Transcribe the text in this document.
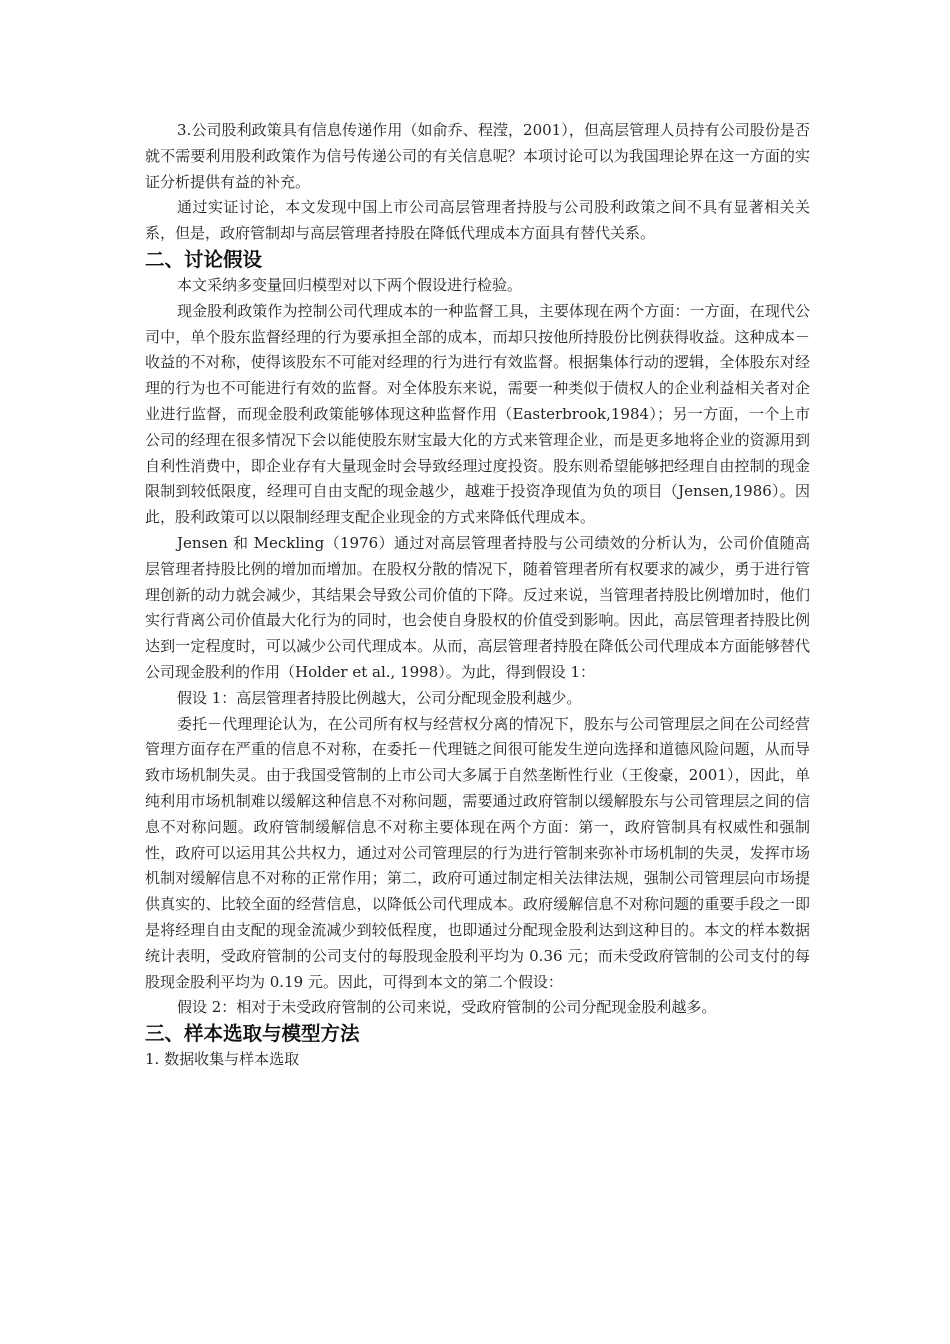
3.公司股利政策具有信息传递作用（如俞乔、程滢，2001），但高层管理人员持有公司股份是否就不需要利用股利政策作为信号传递公司的有关信息呢？本项讨论可以为我国理论界在这一方面的实证分析提供有益的补充。

通过实证讨论，本文发现中国上市公司高层管理者持股与公司股利政策之间不具有显著相关关系，但是，政府管制却与高层管理者持股在降低代理成本方面具有替代关系。

二、讨论假设

本文采纳多变量回归模型对以下两个假设进行检验。

现金股利政策作为控制公司代理成本的一种监督工具，主要体现在两个方面：一方面，在现代公司中，单个股东监督经理的行为要承担全部的成本，而却只按他所持股份比例获得收益。这种成本－收益的不对称，使得该股东不可能对经理的行为进行有效监督。根据集体行动的逻辑，全体股东对经理的行为也不可能进行有效的监督。对全体股东来说，需要一种类似于债权人的企业利益相关者对企业进行监督，而现金股利政策能够体现这种监督作用（Easterbrook,1984）；另一方面，一个上市公司的经理在很多情况下会以能使股东财宝最大化的方式来管理企业，而是更多地将企业的资源用到自利性消费中，即企业存有大量现金时会导致经理过度投资。股东则希望能够把经理自由控制的现金限制到较低限度，经理可自由支配的现金越少，越难于投资净现值为负的项目（Jensen,1986）。因此，股利政策可以以限制经理支配企业现金的方式来降低代理成本。

Jensen 和 Meckling（1976）通过对高层管理者持股与公司绩效的分析认为，公司价值随高层管理者持股比例的增加而增加。在股权分散的情况下，随着管理者所有权要求的减少，勇于进行管理创新的动力就会减少，其结果会导致公司价值的下降。反过来说，当管理者持股比例增加时，他们实行背离公司价值最大化行为的同时，也会使自身股权的价值受到影响。因此，高层管理者持股比例达到一定程度时，可以减少公司代理成本。从而，高层管理者持股在降低公司代理成本方面能够替代公司现金股利的作用（Holder et al., 1998）。为此，得到假设 1：

假设 1：高层管理者持股比例越大，公司分配现金股利越少。

委托－代理理论认为，在公司所有权与经营权分离的情况下，股东与公司管理层之间在公司经营管理方面存在严重的信息不对称，在委托－代理链之间很可能发生逆向选择和道德风险问题，从而导致市场机制失灵。由于我国受管制的上市公司大多属于自然垄断性行业（王俊豪，2001），因此，单纯利用市场机制难以缓解这种信息不对称问题，需要通过政府管制以缓解股东与公司管理层之间的信息不对称问题。政府管制缓解信息不对称主要体现在两个方面：第一，政府管制具有权威性和强制性，政府可以运用其公共权力，通过对公司管理层的行为进行管制来弥补市场机制的失灵，发挥市场机制对缓解信息不对称的正常作用；第二，政府可通过制定相关法律法规，强制公司管理层向市场提供真实的、比较全面的经营信息，以降低公司代理成本。政府缓解信息不对称问题的重要手段之一即是将经理自由支配的现金流减少到较低程度，也即通过分配现金股利达到这种目的。本文的样本数据统计表明，受政府管制的公司支付的每股现金股利平均为 0.36 元；而未受政府管制的公司支付的每股现金股利平均为 0.19 元。因此，可得到本文的第二个假设：

假设 2：相对于未受政府管制的公司来说，受政府管制的公司分配现金股利越多。

三、样本选取与模型方法

1. 数据收集与样本选取
